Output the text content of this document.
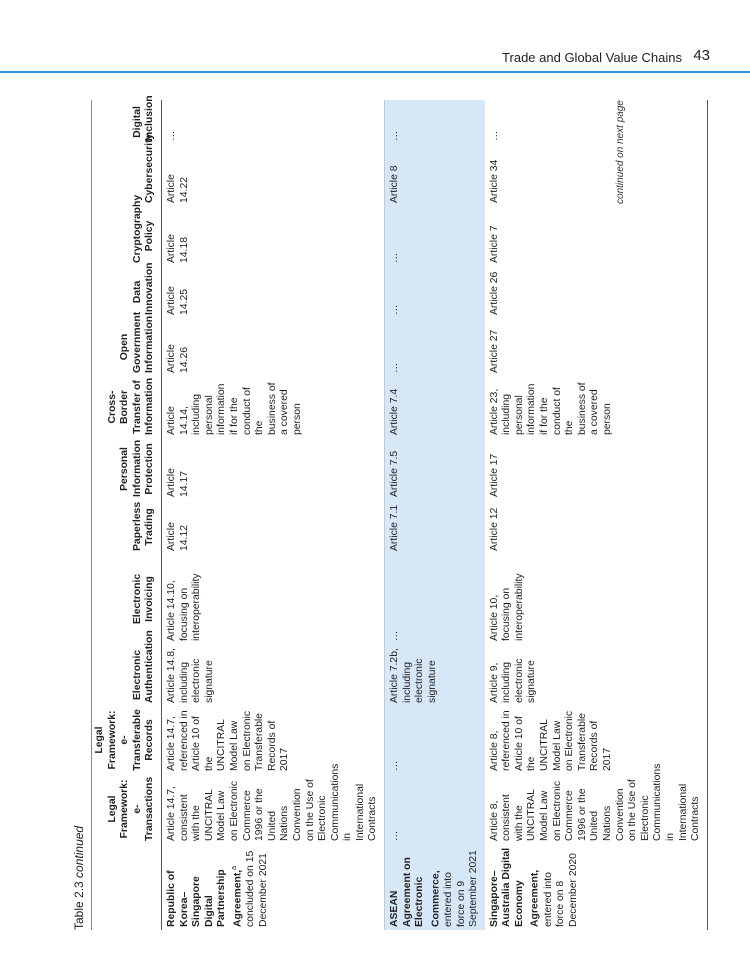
Trade and Global Value Chains 43
Table 2.3 continued
	Legal Framework: e-Transactions	Legal Framework: e-Transferable Records	Electronic Authentication	Electronic Invoicing	Paperless Trading	Personal Information Protection	Cross-Border Transfer of Information	Open Government Information	Data Innovation	Cryptography Policy	Cybersecurity	Digital Inclusion
Republic of Korea–Singapore Digital Partnership Agreement,$^a$ concluded on 15 December 2021	Article 14.7, consistent with the UNCITRAL Model Law on Electronic Commerce 1996 or the United Nations Convention on the Use of Electronic Communications in International Contracts	Article 14.7, referenced in Article 10 of the UNCITRAL Model Law on Electronic Transferable Records of 2017	Article 14.8, including electronic signature	Article 14.10, focusing on interoperability	Article 14.12	Article 14.17	Article 14.14, including personal information if for the conduct of the business of a covered person	Article 14.26	Article 14.25	Article 14.18	Article 14.22	…
ASEAN Agreement on Electronic Commerce, entered into force on 9 September 2021	…	…	Article 7.2b, including electronic signature	…	Article 7.1	Article 7.5	Article 7.4	…	…	…	Article 8	…
Singapore–Australia Digital Economy Agreement, entered into force on 8 December 2020	Article 8, consistent with the UNCITRAL Model Law on Electronic Commerce 1996 or the United Nations Convention on the Use of Electronic Communications in International Contracts	Article 8, referenced in Article 10 of the UNCITRAL Model Law on Electronic Transferable Records of 2017	Article 9, including electronic signature	Article 10, focusing on interoperability	Article 12	Article 17	Article 23, including personal information if for the conduct of the business of a covered person	Article 27	Article 26	Article 7	Article 34	…	continued on next page
